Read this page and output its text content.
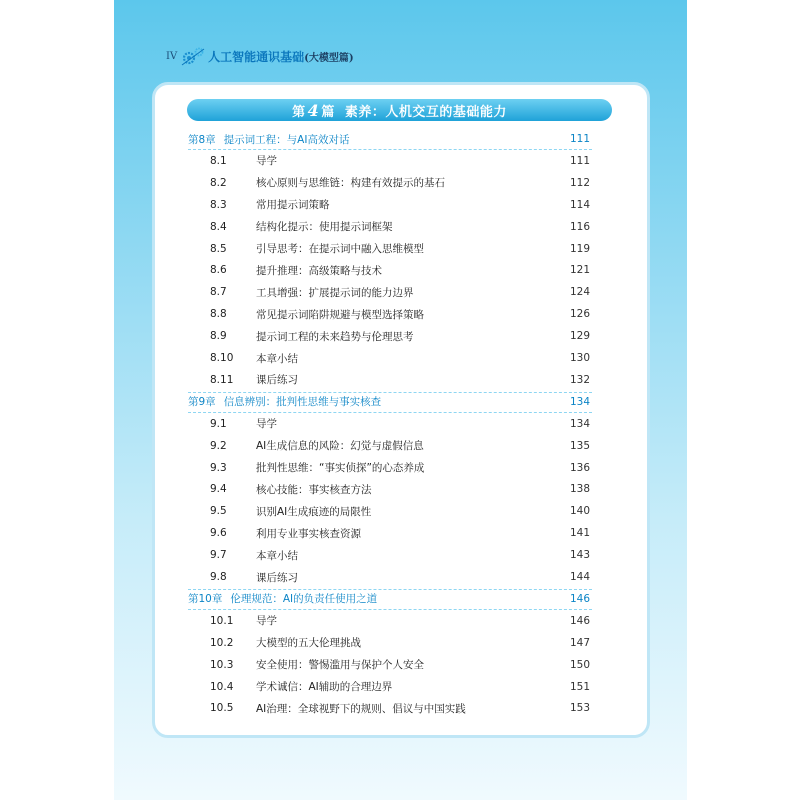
IV	人工智能通识基础 (大模型篇)
第 4 篇 素养：人机交互的基础能力
第8章 提示词工程：与AI高效对话	111
8.1	导学	111
8.2	核心原则与思维链：构建有效提示的基石	112
8.3	常用提示词策略	114
8.4	结构化提示：使用提示词框架	116
8.5	引导思考：在提示词中融入思维模型	119
8.6	提升推理：高级策略与技术	121
8.7	工具增强：扩展提示词的能力边界	124
8.8	常见提示词陷阱规避与模型选择策略	126
8.9	提示词工程的未来趋势与伦理思考	129
8.10	本章小结	130
8.11	课后练习	132
第9章 信息辨别：批判性思维与事实核查	134
9.1	导学	134
9.2	AI生成信息的风险：幻觉与虚假信息	135
9.3	批判性思维：“事实侦探”的心态养成	136
9.4	核心技能：事实核查方法	138
9.5	识别AI生成痕迹的局限性	140
9.6	利用专业事实核查资源	141
9.7	本章小结	143
9.8	课后练习	144
第10章 伦理规范：AI的负责任使用之道	146
10.1	导学	146
10.2	大模型的五大伦理挑战	147
10.3	安全使用：警惕滥用与保护个人安全	150
10.4	学术诚信：AI辅助的合理边界	151
10.5	AI治理：全球视野下的规则、倡议与中国实践	153
